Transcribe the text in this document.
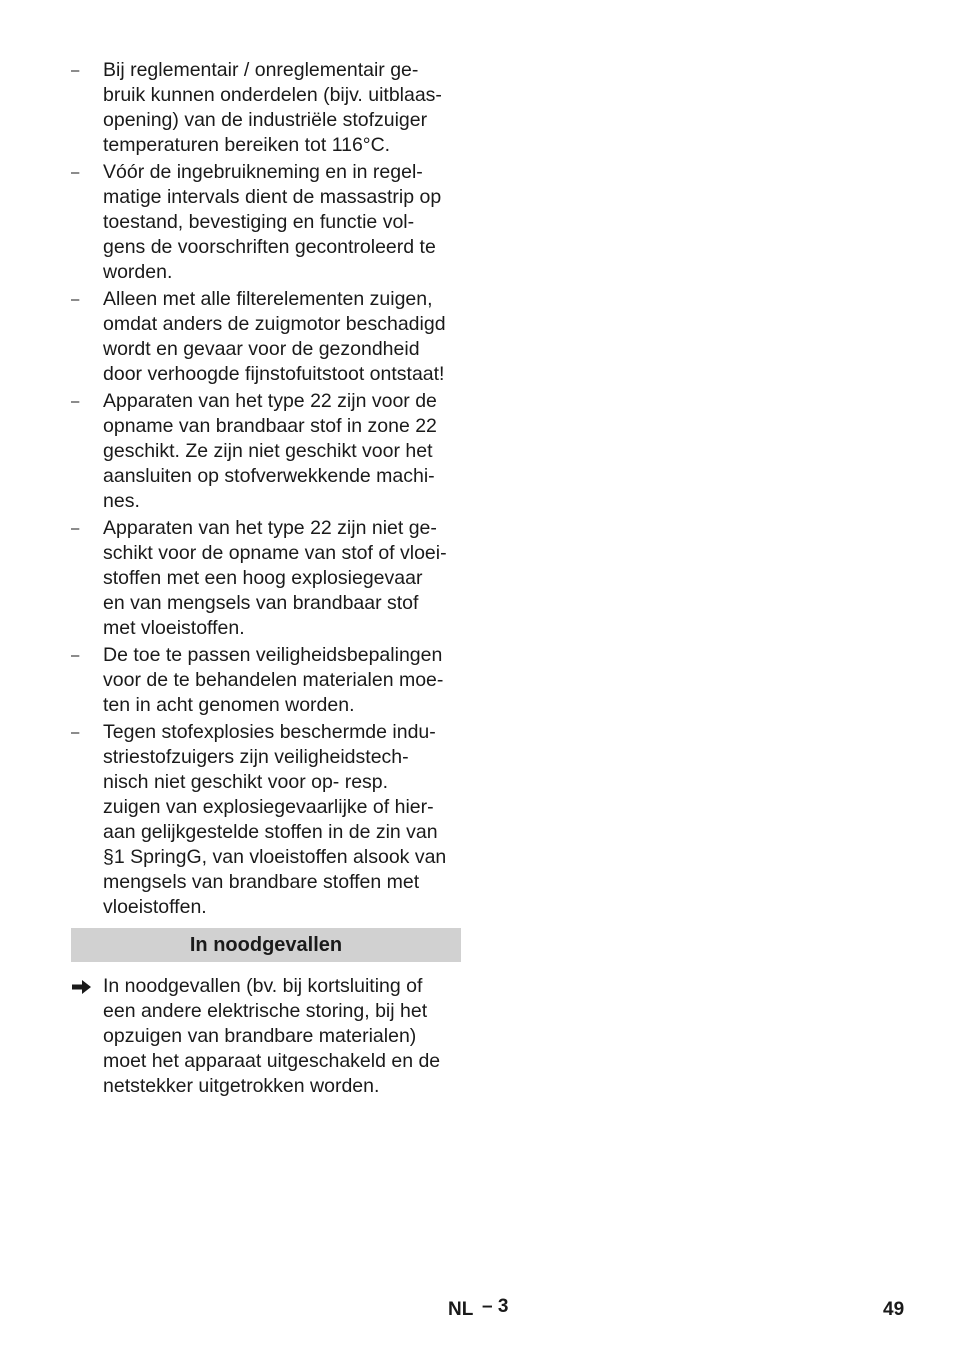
–	Bij reglementair / onreglementair ge-
bruik kunnen onderdelen (bijv. uitblaas-
opening) van de industriële stofzuiger
temperaturen bereiken tot 116°C.
–	Vóór de ingebruikneming en in regel-
matige intervals dient de massastrip op
toestand, bevestiging en functie vol-
gens de voorschriften gecontroleerd te
worden.
–	Alleen met alle filterelementen zuigen,
omdat anders de zuigmotor beschadigd
wordt en gevaar voor de gezondheid
door verhoogde fijnstofuitstoot ontstaat!
–	Apparaten van het type 22 zijn voor de
opname van brandbaar stof in zone 22
geschikt. Ze zijn niet geschikt voor het
aansluiten op stofverwekkende machi-
nes.
–	Apparaten van het type 22 zijn niet ge-
schikt voor de opname van stof of vloei-
stoffen met een hoog explosiegevaar
en van mengsels van brandbaar stof
met vloeistoffen.
–	De toe te passen veiligheidsbepalingen
voor de te behandelen materialen moe-
ten in acht genomen worden.
–	Tegen stofexplosies beschermde indu-
striestofzuigers zijn veiligheidstech-
nisch niet geschikt voor op- resp.
zuigen van explosiegevaarlijke of hier-
aan gelijkgestelde stoffen in de zin van
§1 SpringG, van vloeistoffen alsook van
mengsels van brandbare stoffen met
vloeistoffen.
In noodgevallen
In noodgevallen (bv. bij kortsluiting of
een andere elektrische storing, bij het
opzuigen van brandbare materialen)
moet het apparaat uitgeschakeld en de
netstekker uitgetrokken worden.
NL – 3	49
